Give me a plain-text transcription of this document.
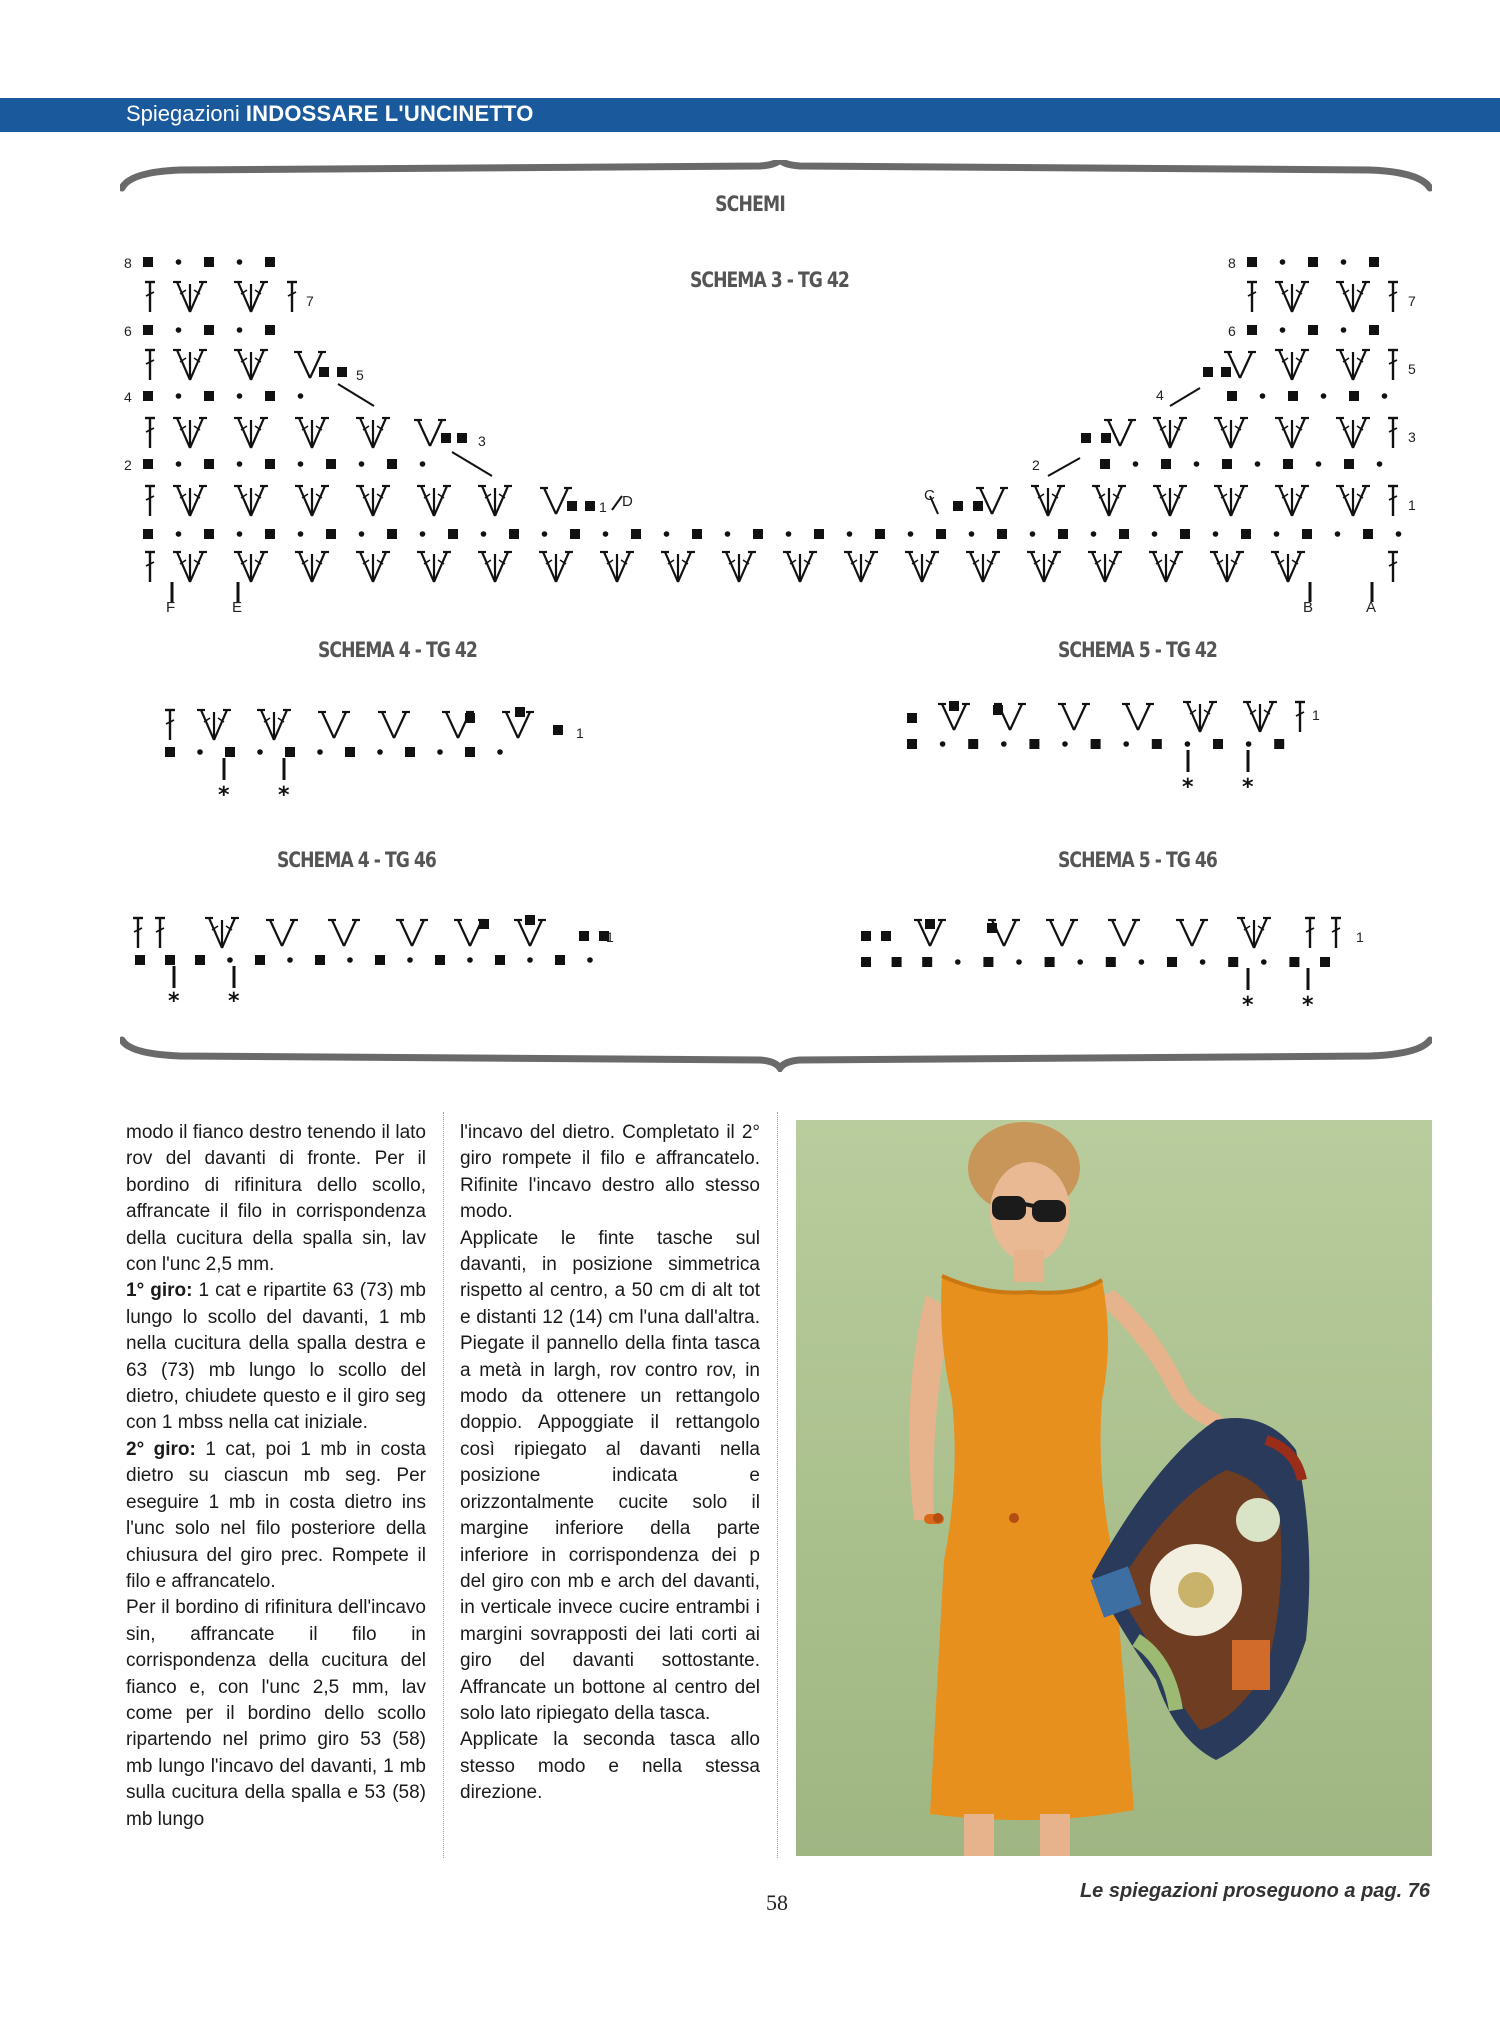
Spiegazioni INDOSSARE L'UNCINETTO
SCHEMI
SCHEMA 3 - TG 42
SCHEMA 4 - TG 42	SCHEMA 5 - TG 42
SCHEMA 4 - TG 46	SCHEMA 5 - TG 46
1 D	C
1
2	2
3	3
4	4
5	5
6	6
7	7
8	8
F	E	B	A
1
* *
1
* *
1
* *
1
* *

modo il fianco destro tenendo il lato rov del davanti di fronte. Per il bordino di rifinitura dello scollo, affrancate il filo in corrispondenza della cucitura della spalla sin, lav con l'unc 2,5 mm.

1° giro: 1 cat e ripartite 63 (73) mb lungo lo scollo del davanti, 1 mb nella cucitura della spalla destra e 63 (73) mb lungo lo scollo del dietro, chiudete questo e il giro seg con 1 mbss nella cat iniziale.

2° giro: 1 cat, poi 1 mb in costa dietro su ciascun mb seg. Per eseguire 1 mb in costa dietro ins l'unc solo nel filo posteriore della chiusura del giro prec. Rompete il filo e affrancatelo.

Per il bordino di rifinitura dell'incavo sin, affrancate il filo in corrispondenza della cucitura del fianco e, con l'unc 2,5 mm, lav come per il bordino dello scollo ripartendo nel primo giro 53 (58) mb lungo l'incavo del davanti, 1 mb sulla cucitura della spalla e 53 (58) mb lungo

l'incavo del dietro. Completato il 2° giro rompete il filo e affrancatelo. Rifinite l'incavo destro allo stesso modo.

Applicate le finte tasche sul davanti, in posizione simmetrica rispetto al centro, a 50 cm di alt tot e distanti 12 (14) cm l'una dall'altra. Piegate il pannello della finta tasca a metà in largh, rov contro rov, in modo da ottenere un rettangolo doppio. Appoggiate il rettangolo così ripiegato al davanti nella posizione indicata e orizzontalmente cucite solo il margine inferiore della parte inferiore in corrispondenza dei p del giro con mb e arch del davanti, in verticale invece cucire entrambi i margini sovrapposti dei lati corti ai giro del davanti sottostante. Affrancate un bottone al centro del solo lato ripiegato della tasca.

Applicate la seconda tasca allo stesso modo e nella stessa direzione.

58	Le spiegazioni proseguono a pag. 76
